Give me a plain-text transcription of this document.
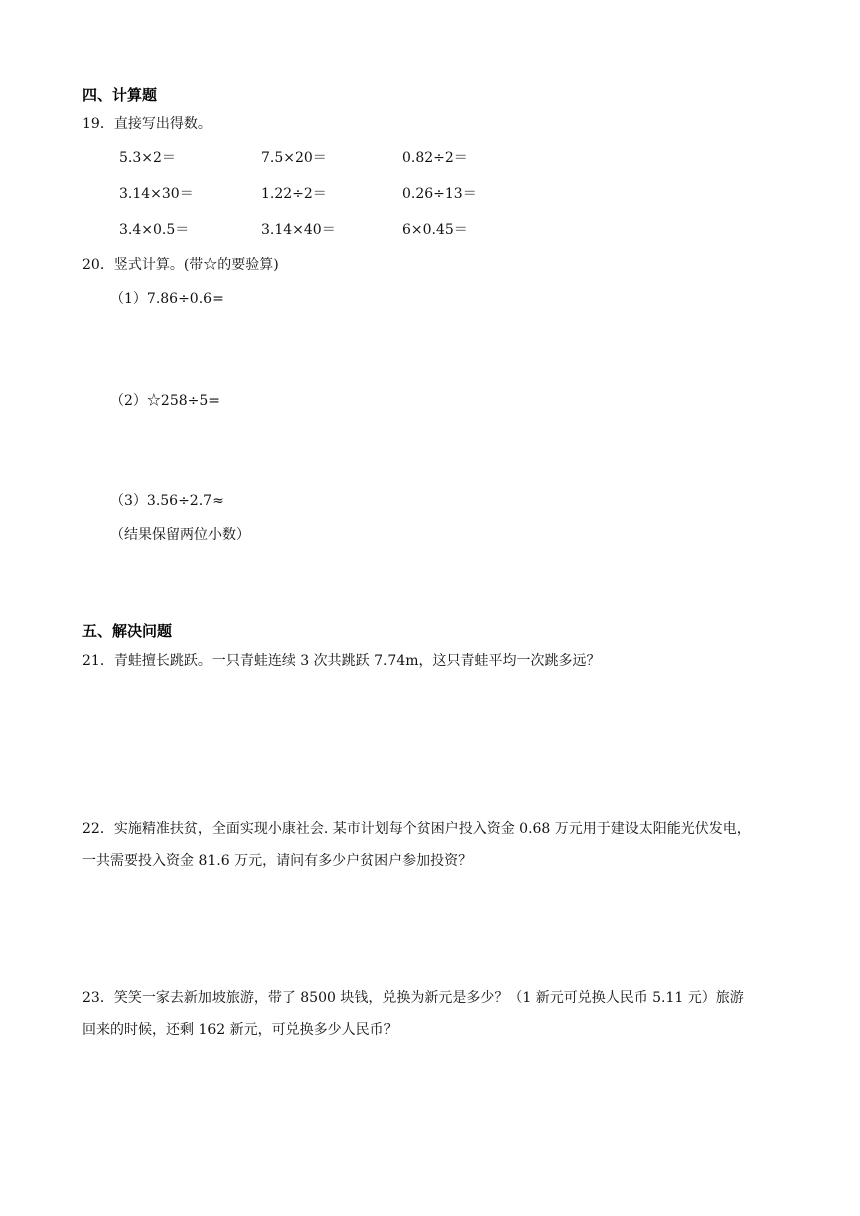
四、计算题
19．直接写出得数。
5.3×2＝	7.5×20＝	0.82÷2＝
3.14×30＝	1.22÷2＝	0.26÷13＝
3.4×0.5＝	3.14×40＝	6×0.45＝
20．竖式计算。(带☆的要验算)
（1）7.86÷0.6=
（2）☆258÷5=
（3）3.56÷2.7≈
（结果保留两位小数）
五、解决问题
21．青蛙擅长跳跃。一只青蛙连续 3 次共跳跃 7.74m，这只青蛙平均一次跳多远？
22．实施精准扶贫，全面实现小康社会. 某市计划每个贫困户投入资金 0.68 万元用于建设太阳能光伏发电，
一共需要投入资金 81.6 万元，请问有多少户贫困户参加投资？
23．笑笑一家去新加坡旅游，带了 8500 块钱，兑换为新元是多少？（1 新元可兑换人民币 5.11 元）旅游
回来的时候，还剩 162 新元，可兑换多少人民币？
